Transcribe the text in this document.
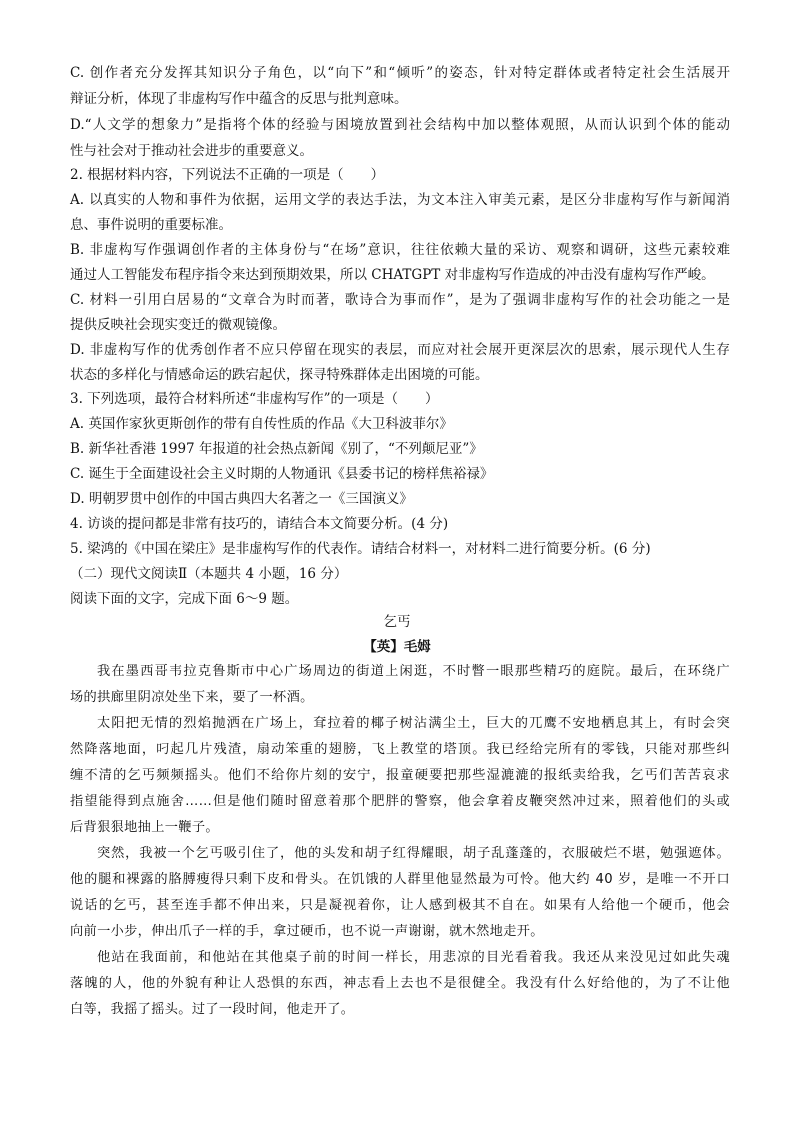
C. 创作者充分发挥其知识分子角色，以“向下”和“倾听”的姿态，针对特定群体或者特定社会生活展开
辩证分析，体现了非虚构写作中蕴含的反思与批判意味。
D.“人文学的想象力”是指将个体的经验与困境放置到社会结构中加以整体观照，从而认识到个体的能动
性与社会对于推动社会进步的重要意义。
2. 根据材料内容，下列说法不正确的一项是（　　）
A. 以真实的人物和事件为依据，运用文学的表达手法，为文本注入审美元素，是区分非虚构写作与新闻消
息、事件说明的重要标准。
B. 非虚构写作强调创作者的主体身份与“在场”意识，往往依赖大量的采访、观察和调研，这些元素较难
通过人工智能发布程序指令来达到预期效果，所以 CHATGPT 对非虚构写作造成的冲击没有虚构写作严峻。
C. 材料一引用白居易的“文章合为时而著，歌诗合为事而作”，是为了强调非虚构写作的社会功能之一是
提供反映社会现实变迁的微观镜像。
D. 非虚构写作的优秀创作者不应只停留在现实的表层，而应对社会展开更深层次的思索，展示现代人生存
状态的多样化与情感命运的跌宕起伏，探寻特殊群体走出困境的可能。
3. 下列选项，最符合材料所述“非虚构写作”的一项是（　　）
A. 英国作家狄更斯创作的带有自传性质的作品《大卫科波菲尔》
B. 新华社香港 1997 年报道的社会热点新闻《别了，“不列颠尼亚”》
C. 诞生于全面建设社会主义时期的人物通讯《县委书记的榜样焦裕禄》
D. 明朝罗贯中创作的中国古典四大名著之一《三国演义》
4. 访谈的提问都是非常有技巧的，请结合本文简要分析。(4 分)
5. 梁鸿的《中国在梁庄》是非虚构写作的代表作。请结合材料一，对材料二进行简要分析。(6 分)
（二）现代文阅读Ⅱ（本题共 4 小题，16 分）
阅读下面的文字，完成下面 6～9 题。
乞丐
【英】毛姆
我在墨西哥韦拉克鲁斯市中心广场周边的街道上闲逛，不时瞥一眼那些精巧的庭院。最后，在环绕广
场的拱廊里阴凉处坐下来，要了一杯酒。
太阳把无情的烈焰抛洒在广场上，耷拉着的椰子树沾满尘土，巨大的兀鹰不安地栖息其上，有时会突
然降落地面，叼起几片残渣，扇动笨重的翅膀，飞上教堂的塔顶。我已经给完所有的零钱，只能对那些纠
缠不清的乞丐频频摇头。他们不给你片刻的安宁，报童硬要把那些湿漉漉的报纸卖给我，乞丐们苦苦哀求
指望能得到点施舍……但是他们随时留意着那个肥胖的警察，他会拿着皮鞭突然冲过来，照着他们的头或
后背狠狠地抽上一鞭子。
突然，我被一个乞丐吸引住了，他的头发和胡子红得耀眼，胡子乱蓬蓬的，衣服破烂不堪，勉强遮体。
他的腿和裸露的胳膊瘦得只剩下皮和骨头。在饥饿的人群里他显然最为可怜。他大约 40 岁，是唯一不开口
说话的乞丐，甚至连手都不伸出来，只是凝视着你，让人感到极其不自在。如果有人给他一个硬币，他会
向前一小步，伸出爪子一样的手，拿过硬币，也不说一声谢谢，就木然地走开。
他站在我面前，和他站在其他桌子前的时间一样长，用悲凉的目光看着我。我还从来没见过如此失魂
落魄的人，他的外貌有种让人恐惧的东西，神志看上去也不是很健全。我没有什么好给他的，为了不让他
白等，我摇了摇头。过了一段时间，他走开了。
